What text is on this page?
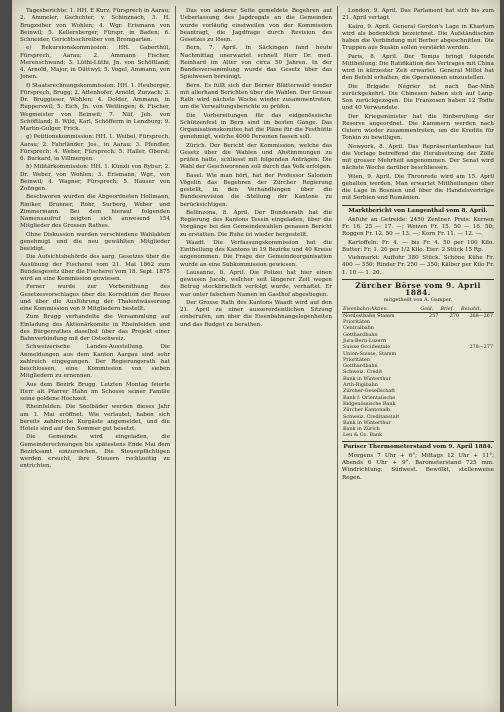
Tagesberichte: 1. HH. E Kurz, Fürsprech in Aarau; 2. Ammeler, Gschchter, v. Schinznach, 3. H. Brugzsiber von Wohlen; 4. Wgr. Erismann von Beinwil; 5. Kellersberger, Fürspr. in Baden; 6. Schneider, Gerichtsschreiber von Bremgarten.

e) Rekursionskommission: HH. Gaberthül, Fürsprech, Aarau; 2. Ammann Fischer, Merenschwand; 3. Lüthi-Lüthi, Jn. von Schöftland; 4. Arnold, Major, in Dättwyl; 5. Vogel, Ammann, von Jonen.

f) Staatsrechnungskommission: HH. 1. Heuberger, Fürsprech, Brugg; 2. Attenhofer, Arnold, Zurzach; 3. Dr. Bruggisser, Wohlen; 4. Dolder, Ammann, in Rupperswil; 5. Eich, Jn. von Wettingen; 6. Fischer, Wegmeister von Beinwil; 7. Näf, Jeb. von Schöftland; 8. Wild, Karl, Schöfferm in Lenzburg; 9. Martin-Gulger, Frick.

g) Petitionskommission: HH. 1. Weibel, Fürsprech, Aarau; 2. Fahrländer, Jos., in Aarau; 3. Pfendler, Fürsprech; 4. Weber, Fürsprech; 5. Haller, Oberst; 6. Burkard, in Villmergen.

h) Militärkommission: HH. 1. Künzli von Rybur; 2. Dr. Weber, von Wohlen; 3. Erismann, Wgr., von Beinwil; 4. Wagner, Fürsprech; 5. Hauser von Zofingen.

Beschworen wurden die Abgeordneten Hollmann, Riniker, Brunner, Rohr, Surberg, Weber und Zimmermann. Bei dem hierauf folgenden Namensaufruf zeigten sich anwesend 154 Mitglieder des Grossen Rathes.

Ohne Diskussion wurden verschiedene Wahlakten genehmigt und die neu gewählten Mitglieder beeidigt.

Die Aufsichtsbehörde des aarg. Gesetzes über die Ausübung der Fischerei vom 21. Mai 1862 zum Bundesgesetz über die Fischerei vom 18. Sept. 1875 wird an eine Kommission gewiesen.

Ferner wurde zur Vorberathung des Gesetzesvorschlages über die Korrektion der Reuss und über die Ausführung der Thalentwässerung eine Kommission von 9 Mitgliedern bestellt.

Zum Brugg verhandelte die Versammlung auf Einladung des Aktionärkomite in Rheinfelden und des Bürgerrathes daselbst über das Projekt einer Bahnverbindung mit der Ostschweiz.

Schweizerische Landes-Ausstellung. Die Anmeldungen aus dem Kanton Aargau sind sehr zahlreich eingegangen. Der Regierungsrath hat beschlossen, eine Kommission von sieben Mitgliedern zu ernennen.

Aus dem Bezirk Brugg. Letzten Montag feierte Herr alt Pfarrer Hahn im Schosse seiner Familie seine goldene Hochzeit.

Rheinfelden. Die Soolbäder werden dieses Jahr am 1. Mai eröffnet. Wie verlautet, haben sich bereits zahlreiche Kurgäste angemeldet, und die Hotels sind auf den Sommer gut besetzt.

Die Gemeinde wird eingeladen, die Gemeinderechnungen bis spätestens Ende Mai dem Bezirksamt einzureichen. Die Steuerpflichtigen werden ersucht, ihre Steuern rechtzeitig zu entrichten.

Das von anderer Seite gemeldete Begehren auf Ueberlassung des Jagdregals an die Gemeinden wurde vorläufig einstweilen von der Kommission beantragt, die Jagdfrage durch Revision des Gesetzes zu lösen.

Bern, 7. April. In Säckingen fand heute Nachmittag unerwartet schnell Herr Dr. med. Reinhard im Alter von circa 50 Jahren. In der Bundesversammlung wurde das Gesetz über das Spielwesen bereinigt.

Bern. Es füllt sich der Berner Blätterwald wieder mit allerhand Berichten über die Wahlen. Der Grosse Rath wird nächste Woche wieder zusammentreten, um die Verwaltungsberichte zu prüfen.

Die Vorbereitungen für das eidgenössische Schützenfest in Bern sind im besten Gange. Das Organisationskomitee hat die Pläne für die Festhütte genehmigt, welche 4000 Personen fassen soll.

Zürich. Der Bericht der Kommission, welche das Gesetz über die Wahlen und Abstimmungen zu prüfen hatte, schliesst mit folgenden Anträgen: Die Wahl der Geschworenen soll durch das Volk erfolgen.

Basel. Wie man hört, hat der Professor Salomon Vögelin das Begehren der Zürcher Regierung gestellt, in den Verhandlungen über die Bundesrevision die Stellung der Kantone zu berücksichtigen.

Bellinzona, 8. April. Der Bundesrath hat die Regierung des Kantons Tessin eingeladen, über die Vorgänge bei den Gemeindewahlen genauen Bericht zu erstatten. Die Ruhe ist wieder hergestellt.

Waadt. Die Verfassungskommission hat die Eintheilung des Kantons in 19 Bezirke und 40 Kreise angenommen. Die Frage der Gemeindeorganisation wurde an eine Subkommission gewiesen.

Lausanne, 8. April. Die Polizei hat hier einen gewissen Jacob, welcher seit längerer Zeit wegen Betrug steckbrieflich verfolgt wurde, verhaftet. Er war unter falschem Namen im Gasthof abgestiegen.

Der Grosse Rath des Kantons Waadt wird auf den 21. April zu einer ausserordentlichen Sitzung einberufen, um über die Eisenbahnangelegenheiten und das Budget zu berathen.

London, 9. April. Das Parlament hat sich bis zum 21. April vertagt.

Kairo, 9. April. General Gordon's Lage in Khartum wird als bedenklich bezeichnet. Die Aufständischen haben die Verbindung mit Berber abgeschnitten. Die Truppen aus Suakin sollen verstärkt werden.

Paris, 8. April. Der Temps bringt folgende Mittheilung: Die Ratifikation des Vertrages mit China wird in kürzester Zeit erwartet. General Millot hat den Befehl erhalten, die Operationen einzustellen.

Die Brigade Négrier ist nach Bac-Ninh zurückgekehrt. Die Chinesen haben sich auf Lang-Son zurückgezogen. Die Franzosen haben 12 Todte und 40 Verwundete.

Der Kriegsminister hat die Einberufung der Reserve angeordnet. Die Kammern werden nach Ostern wieder zusammentreten, um die Kredite für Tonkin zu bewilligen.

Newyork, 8. April. Das Repräsentantenhaus hat die Vorlage betreffend die Herabsetzung der Zölle mit grosser Mehrheit angenommen. Der Senat wird nächste Woche darüber beschliessen.

Wien, 9. April. Die Thronrede wird am 15. April gehalten werden. Man erwartet Mittheilungen über die Lage in Bosnien und über die Handelsverträge mit Serbien und Rumänien.

Marktbericht von Langenthal vom 8. April.

Anfuhr an Getreide: 2450 Zentner. Preis: Kernen Fr. 16. 25 — 17. —; Weizen Fr. 15. 50 — 16. 50; Roggen Fr. 12. 50 — 13. —; Korn Fr. 11. — 12. —.

Kartoffeln: Fr. 4. — bis Fr. 4. 50 per 100 Kilo. Butter: Fr. 1. 20 per 1/2 Kilo. Eier: 2 Stück 15 Rp.

Viehmarkt: Auffuhr 380 Stück. Schöne Kühe Fr. 400 — 550; Rinder Fr. 250 — 350; Kälber per Kilo Fr. 1. 10 — 1. 20.

Zürcher Börse vom 9. April 1884.
mitgetheilt von A. Gamper.
Eisenbahn-Aktien.	Geld.	Brief.	Bezahlt.
Nordostbahn Stamm	257	270	268—267
Prioritäten			
Centralbahn			
Gotthardbahn			
Jura-Bern-Luzern			
Suisse Occidentale			278—277
Union-Suisse, Stamm			
Prioritäten			
Gotthardbahn			
Schweiz. Credit			
Bank in Winterthur			
Arth-Rigibahn			
Zürcher-Gesellschaft			
Bank f. Orientalische			
Eidgenössische Bank			
Zürcher Kantonalb.			
Schweiz. Creditanstalt			
Bank in Winterthur			
Bank in Zürich			
Leu & Co. Bank			
Pariser Thermometerstand vom 9. April 1884.

Morgens 7 Uhr + 6°; Mittags 12 Uhr + 11°; Abends 6 Uhr + 9°. Barometerstand 725 mm. Windrichtung: Südwest. Bewölkt, stellenweise Regen.
